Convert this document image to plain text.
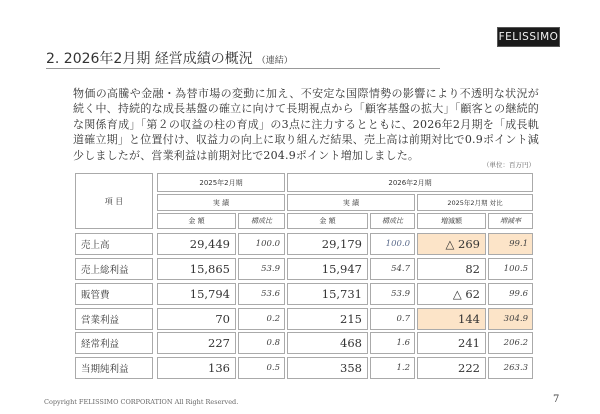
FELISSIMO
2. 2026年2月期 経営成績の概況 （連結）
物価の高騰や金融・為替市場の変動に加え、不安定な国際情勢の影響により不透明な状況が続く中、持続的な成長基盤の確立に向けて長期視点から「顧客基盤の拡大」「顧客との継続的な関係育成」「第２の収益の柱の育成」の3点に注力するとともに、2026年2月期を「成長軌道確立期」と位置付け、収益力の向上に取り組んだ結果、売上高は前期対比で0.9ポイント減少しましたが、営業利益は前期対比で204.9ポイント増加しました。
（単位：百万円）
項 目
2025年2月期	2026年2月期
実 績	実 績	2025年2月期 対比
金 額	構成比	金 額	構成比	増減額	増減率
売上高	29,449	100.0	29,179	100.0	△ 269	99.1
売上総利益	15,865	53.9	15,947	54.7	82	100.5
販管費	15,794	53.6	15,731	53.9	△ 62	99.6
営業利益	70	0.2	215	0.7	144	304.9
経常利益	227	0.8	468	1.6	241	206.2
当期純利益	136	0.5	358	1.2	222	263.3
Copyright FELISSIMO CORPORATION All Right Reserved.	7
